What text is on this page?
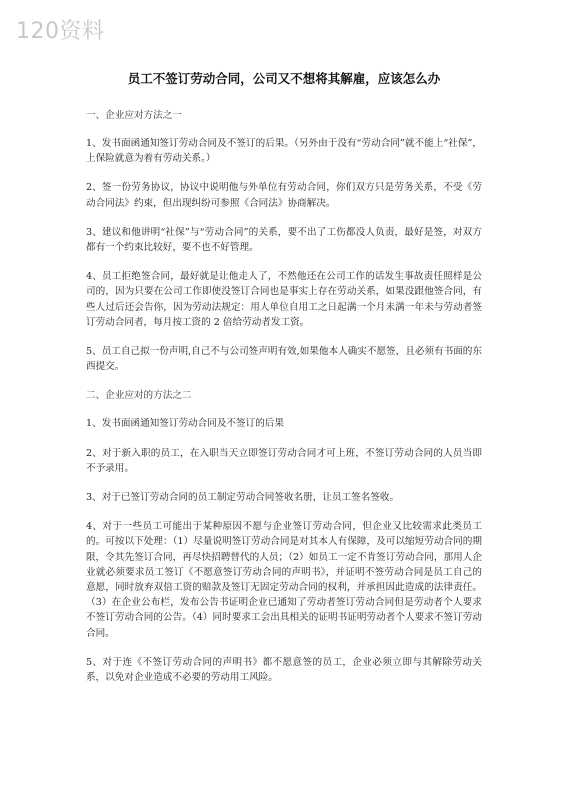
120资料
员工不签订劳动合同，公司又不想将其解雇，应该怎么办

一、企业应对方法之一

1、发书面函通知签订劳动合同及不签订的后果。（另外由于没有“劳动合同”就不能上“社保”，上保险就意为着有劳动关系。）

2、签一份劳务协议，协议中说明他与外单位有劳动合同，你们双方只是劳务关系，不受《劳动合同法》约束，但出现纠纷可参照《合同法》协商解决。

3、建议和他讲明“社保”与“劳动合同”的关系，要不出了工伤都没人负责，最好是签，对双方都有一个约束比较好，要不也不好管理。

4、员工拒绝签合同，最好就是让他走人了，不然他还在公司工作的话发生事故责任照样是公司的，因为只要在公司工作即使没签订合同也是事实上存在劳动关系，如果没跟他签合同，有些人过后还会告你，因为劳动法规定：用人单位自用工之日起满一个月未满一年未与劳动者签订劳动合同者，每月按工资的 2 倍给劳动者发工资。

5、员工自己拟一份声明,自己不与公司签声明有效,如果他本人确实不愿签，且必须有书面的东西提交。

二、企业应对的方法之二

1、发书面函通知签订劳动合同及不签订的后果

2、对于新入职的员工，在入职当天立即签订劳动合同才可上班，不签订劳动合同的人员当即不予录用。

3、对于已签订劳动合同的员工制定劳动合同签收名册，让员工签名签收。

4、对于一些员工可能出于某种原因不愿与企业签订劳动合同，但企业又比较需求此类员工的。可按以下处理：（1）尽量说明签订劳动合同是对其本人有保障，及可以缩短劳动合同的期限，令其先签订合同，再尽快招聘替代的人员；（2）如员工一定不肯签订劳动合同，那用人企业就必须要求员工签订《不愿意签订劳动合同的声明书》，并证明不签劳动合同是员工自己的意愿，同时放弃双倍工资的赔款及签订无固定劳动合同的权利，并承担因此造成的法律责任。（3）在企业公布栏，发布公告书证明企业已通知了劳动者签订劳动合同但是劳动者个人要求不签订劳动合同的公告。（4）同时要求工会出具相关的证明书证明劳动者个人要求不签订劳动合同。

5、对于连《不签订劳动合同的声明书》都不愿意签的员工，企业必须立即与其解除劳动关系，以免对企业造成不必要的劳动用工风险。
